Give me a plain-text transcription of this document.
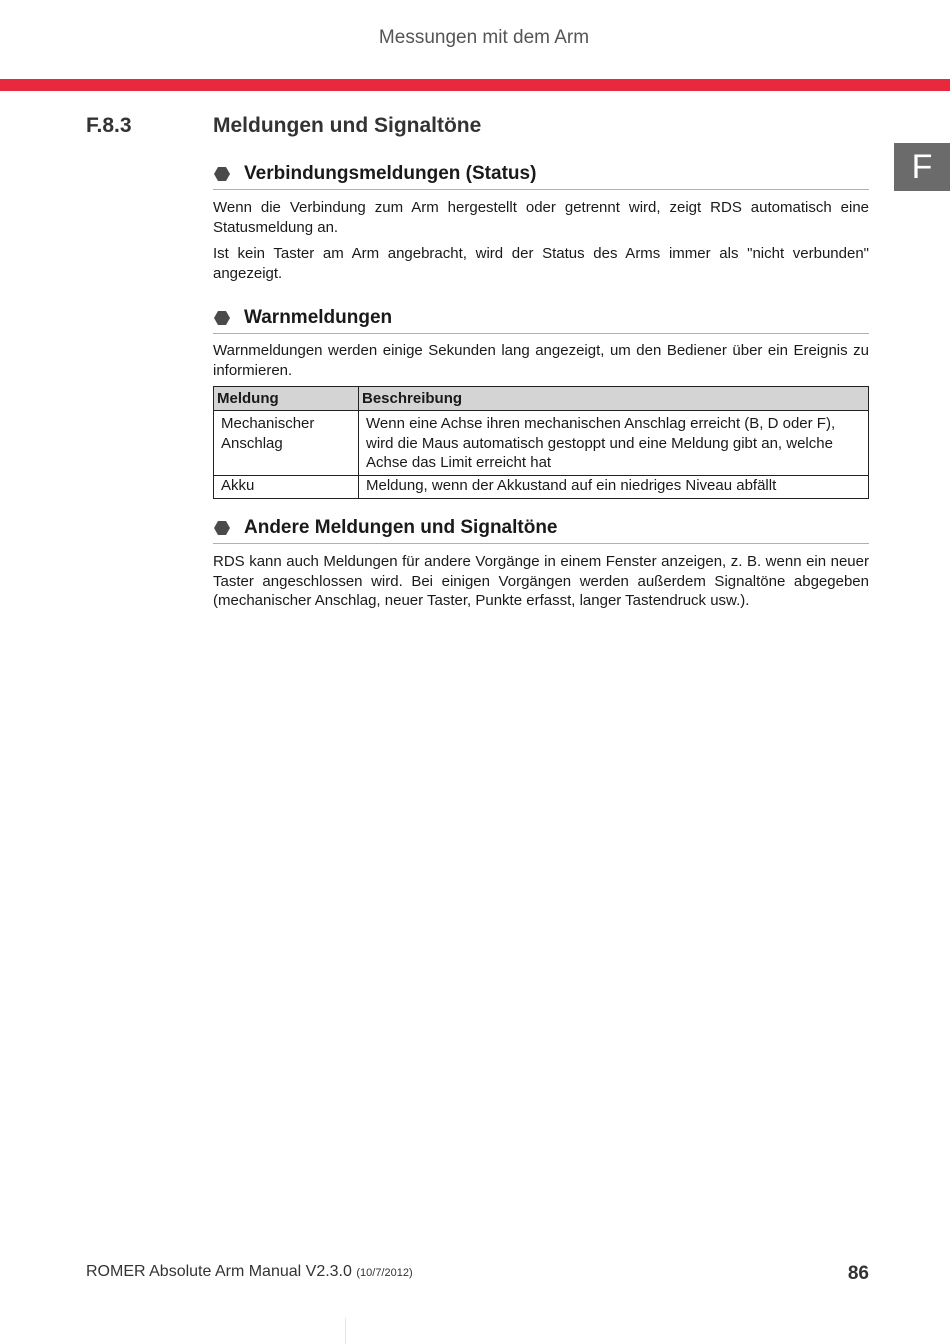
Messungen mit dem Arm
F
F.8.3	Meldungen und Signaltöne
Verbindungsmeldungen (Status)

Wenn die Verbindung zum Arm hergestellt oder getrennt wird, zeigt RDS automatisch eine Statusmeldung an.

Ist kein Taster am Arm angebracht, wird der Status des Arms immer als "nicht verbunden" angezeigt.

Warnmeldungen

Warnmeldungen werden einige Sekunden lang angezeigt, um den Bediener über ein Ereignis zu informieren.

Meldung	Beschreibung
Mechanischer Anschlag	Wenn eine Achse ihren mechanischen Anschlag erreicht (B, D oder F), wird die Maus automatisch gestoppt und eine Meldung gibt an, welche Achse das Limit erreicht hat
Akku	Meldung, wenn der Akkustand auf ein niedriges Niveau abfällt
Andere Meldungen und Signaltöne

RDS kann auch Meldungen für andere Vorgänge in einem Fenster anzeigen, z. B. wenn ein neuer Taster angeschlossen wird. Bei einigen Vorgängen werden außerdem Signaltöne abgegeben (mechanischer Anschlag, neuer Taster, Punkte erfasst, langer Tastendruck usw.).

ROMER Absolute Arm Manual V2.3.0 (10/7/2012)	86
